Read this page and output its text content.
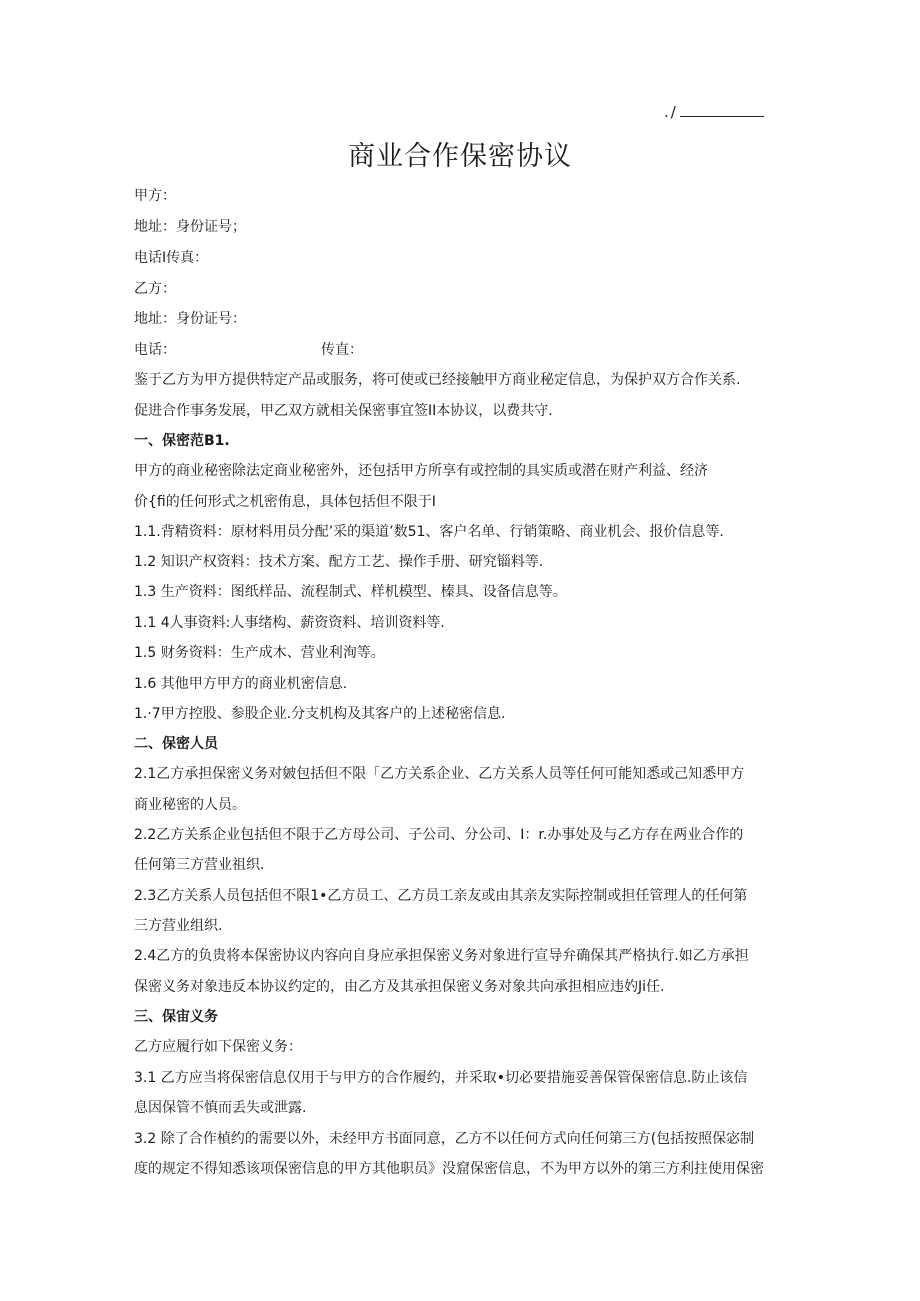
./
商业合作保密协议
甲方：
地址：身份证号；
电话I传真：
乙方：
地址：身份证号：
电话：	传直：
鉴于乙方为甲方提供特定产品或服务，将可使或已经接触甲方商业秘定信息，为保护双方合作关系.
促进合作事务发展，甲乙双方就相关保密事宜签II本协议，以费共守.
一、保密范B1.
甲方的商业秘密除法定商业秘密外，还包括甲方所享有或控制的具实质或潜在财产利益、经济
价{fi的任何形式之机密侑息，具体包括但不限于I
1.1.背精资料：原材料用员分配’采的渠道’数51、客户名单、行销策略、商业机会、报价信息等.
1.2 知识产权资料：技术方案、配方工艺、操作手册、研究锱料等.
1.3 生产资料：图纸样品、流程制式、样机模型、榛具、设备信息等。
1.1 4人事资料:人事绪构、薪资资料、培训资料等.
1.5 财务资料：生产成木、营业利洵等。
1.6 其他甲方甲方的商业机密信息.
1.·7甲方控股、参股企业.分支机构及其客户的上述秘密信息.
二、保密人员
2.1乙方承担保密义务对皴包括但不限「乙方关系企业、乙方关系人员等任何可能知悉或己知悉甲方
商业秘密的人员。
2.2乙方关系企业包括但不限于乙方母公司、子公司、分公司、I：r.办事处及与乙方存在两业合作的
任何第三方营业祖织.
2.3乙方关系人员包括但不限1•乙方员工、乙方员工亲友或由其亲友实际控制或担任管理人的任何第
三方营业组织.
2.4乙方的负贵将本保密协议内容向自身应承担保密义务对象进行宣导弁确保其严格执行.如乙方承担
保密义务对象违反本协议约定的，由乙方及其承担保密义务对象共向承担相应违妁Ji任.
三、保宙义务
乙方应履行如下保密义务：
3.1 乙方应当将保密信息仅用于与甲方的合作履约，并采取•切必要措施妥善保管保密信息.防止该信
息因保管不慎而丢失或泄露.
3.2 除了合作楨约的需要以外，未经甲方书面同意，乙方不以任何方式向任何第三方(包括按照保宓制
度的规定不得知悉该项保密信息的甲方其他职员》没窟保密信息，不为甲方以外的第三方利拄使用保密
